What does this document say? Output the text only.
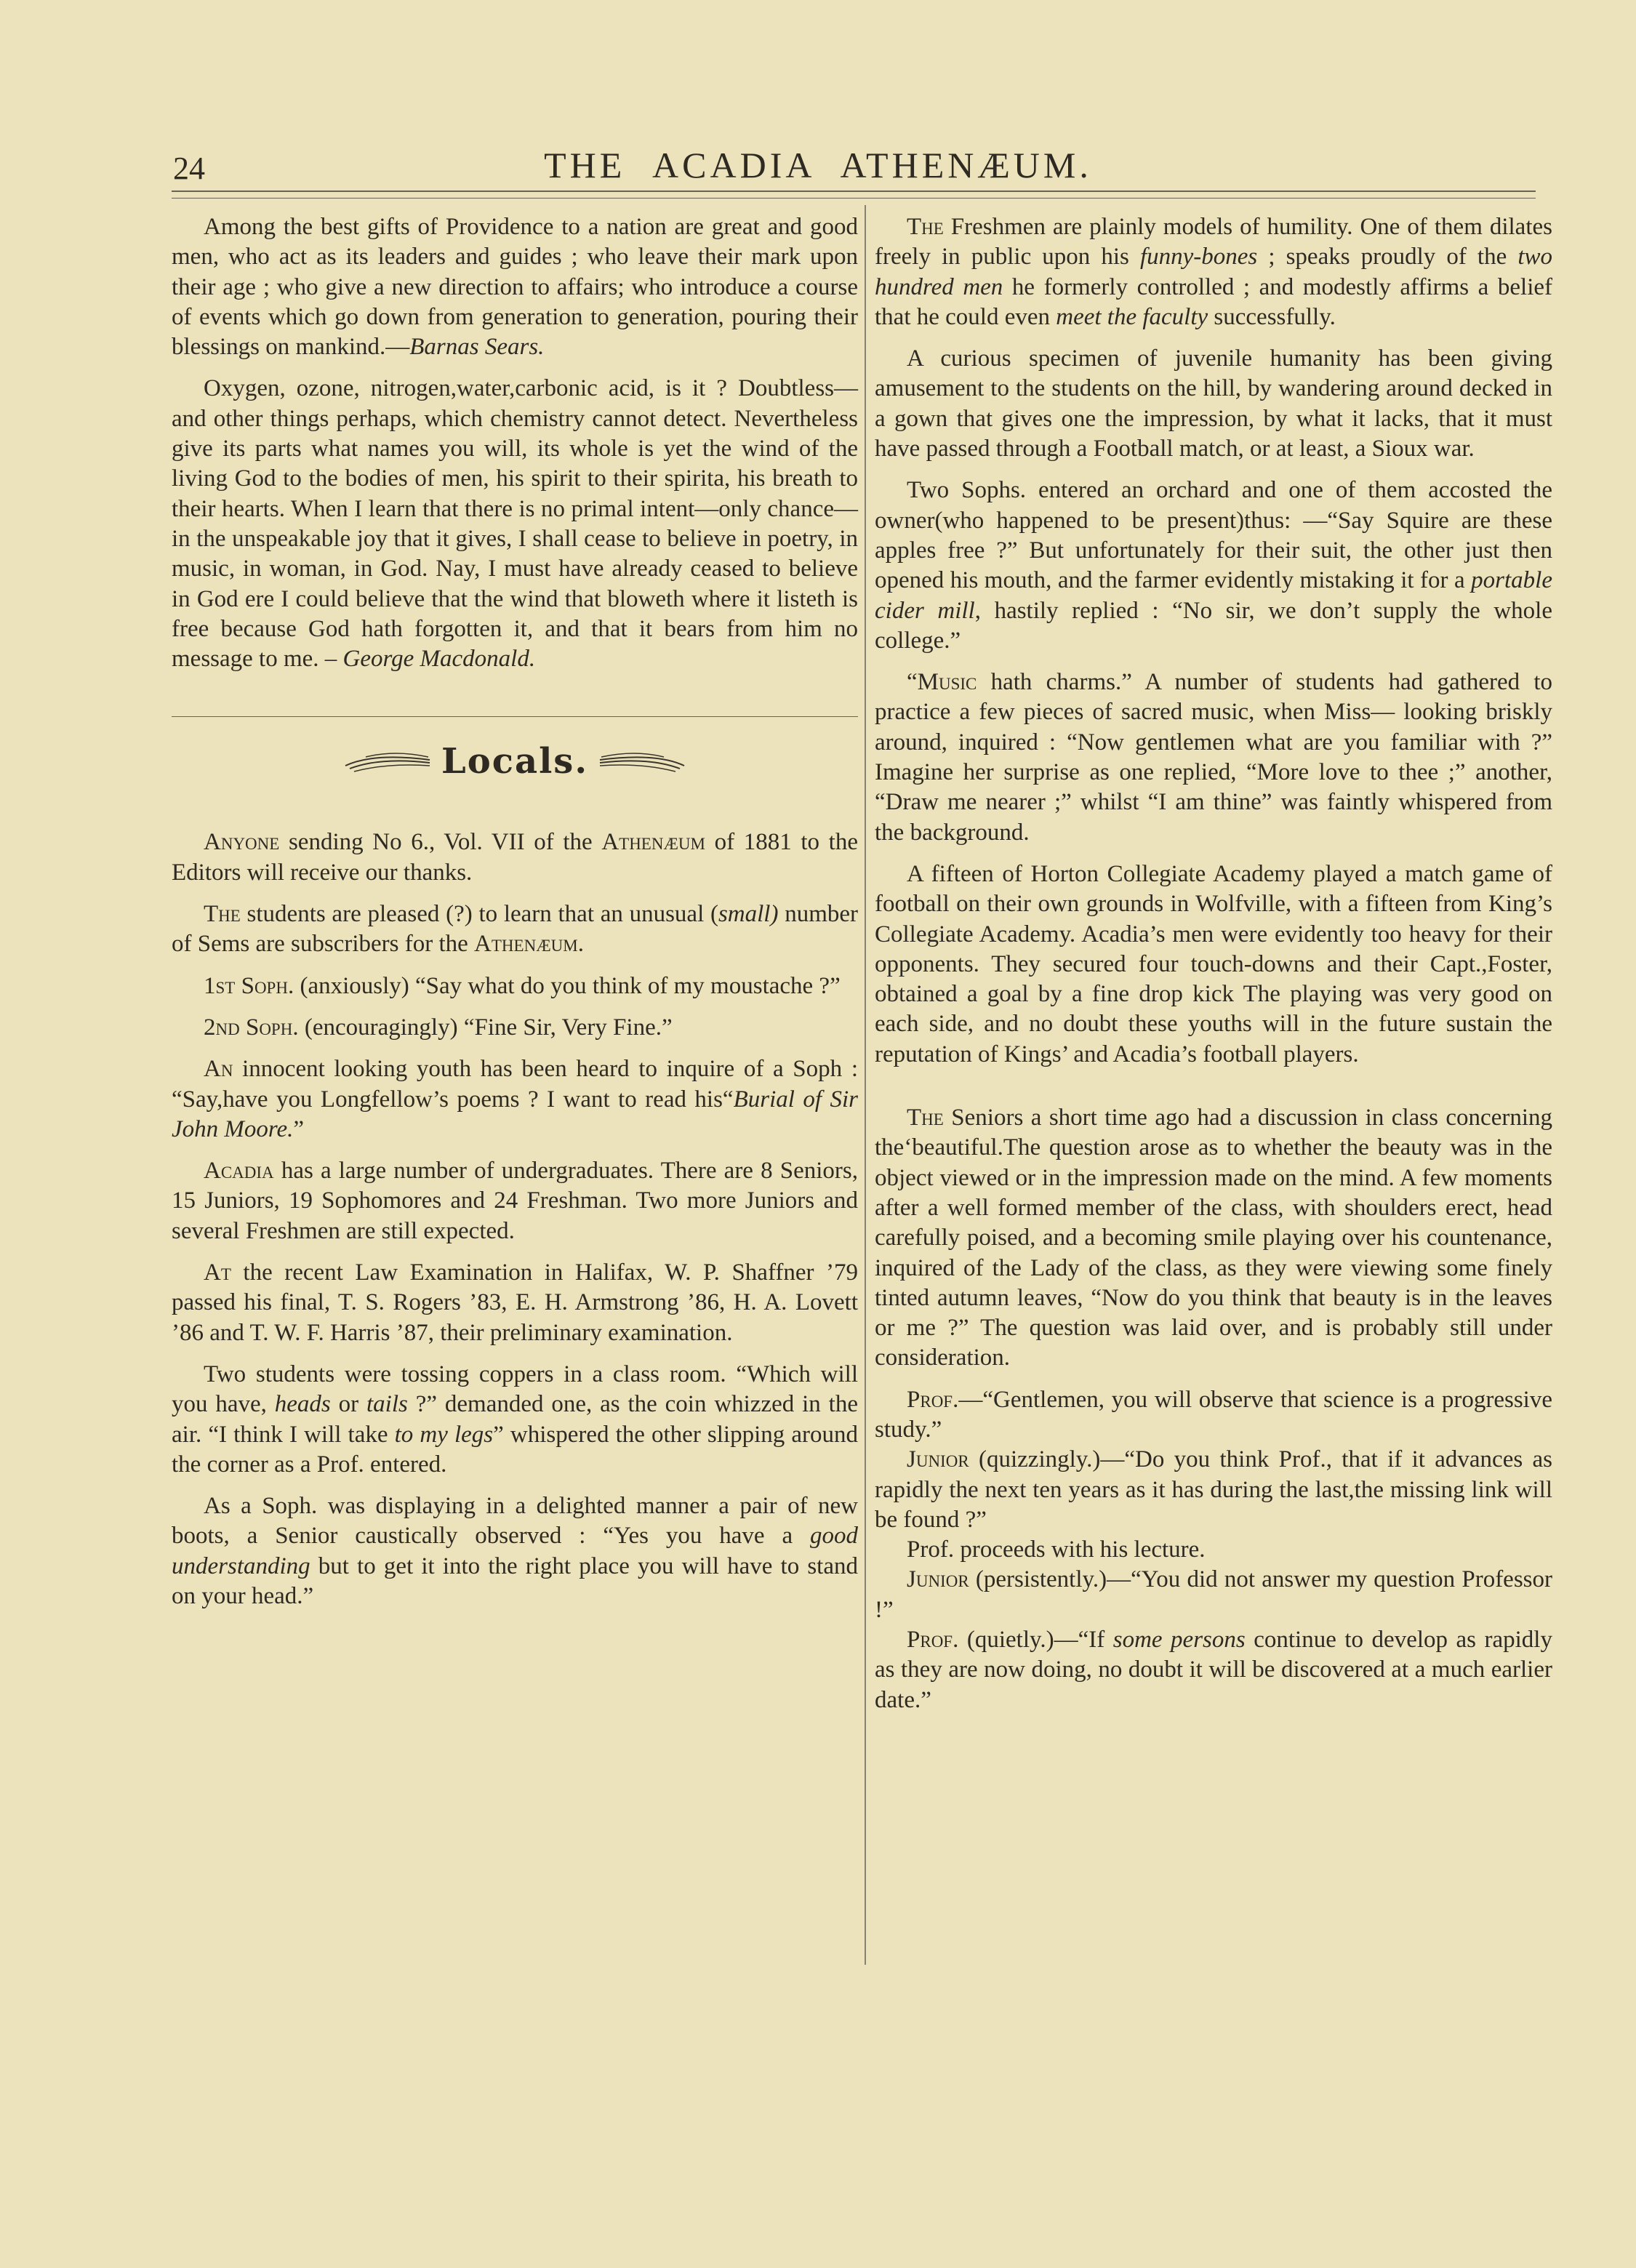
24	THE ACADIA ATHENÆUM.

Among the best gifts of Providence to a nation are great and good men, who act as its leaders and guides ; who leave their mark upon their age ; who give a new direction to affairs; who introduce a course of events which go down from generation to generation, pouring their blessings on mankind.—Barnas Sears.

Oxygen, ozone, nitrogen,water,carbonic acid, is it ? Doubtless—and other things perhaps, which chemistry cannot detect. Nevertheless give its parts what names you will, its whole is yet the wind of the living God to the bodies of men, his spirit to their spirita, his breath to their hearts. When I learn that there is no primal intent—only chance—in the unspeakable joy that it gives, I shall cease to believe in poetry, in music, in woman, in God. Nay, I must have already ceased to believe in God ere I could believe that the wind that bloweth where it listeth is free because God hath forgotten it, and that it bears from him no message to me. – George Macdonald.

Locals.

Anyone sending No 6., Vol. VII of the Athenæum of 1881 to the Editors will receive our thanks.

The students are pleased (?) to learn that an unusual (small) number of Sems are subscribers for the Athenæum.

1st Soph. (anxiously) “Say what do you think of my moustache ?”

2nd Soph. (encouragingly) “Fine Sir, Very Fine.”

An innocent looking youth has been heard to inquire of a Soph : “Say,have you Longfellow’s poems ? I want to read his“Burial of Sir John Moore.”

Acadia has a large number of undergraduates. There are 8 Seniors, 15 Juniors, 19 Sophomores and 24 Freshman. Two more Juniors and several Freshmen are still expected.

At the recent Law Examination in Halifax, W. P. Shaffner ’79 passed his final, T. S. Rogers ’83, E. H. Armstrong ’86, H. A. Lovett ’86 and T. W. F. Harris ’87, their preliminary examination.

Two students were tossing coppers in a class room. “Which will you have, heads or tails ?” demanded one, as the coin whizzed in the air. “I think I will take to my legs” whispered the other slipping around the corner as a Prof. entered.

As a Soph. was displaying in a delighted manner a pair of new boots, a Senior caustically observed : “Yes you have a good understanding but to get it into the right place you will have to stand on your head.”

The Freshmen are plainly models of humility. One of them dilates freely in public upon his funny-bones ; speaks proudly of the two hundred men he formerly controlled ; and modestly affirms a belief that he could even meet the faculty successfully.

A curious specimen of juvenile humanity has been giving amusement to the students on the hill, by wandering around decked in a gown that gives one the impression, by what it lacks, that it must have passed through a Football match, or at least, a Sioux war.

Two Sophs. entered an orchard and one of them accosted the owner(who happened to be present)thus: —“Say Squire are these apples free ?” But unfortunately for their suit, the other just then opened his mouth, and the farmer evidently mistaking it for a portable cider mill, hastily replied : “No sir, we don’t supply the whole college.”

“Music hath charms.” A number of students had gathered to practice a few pieces of sacred music, when Miss— looking briskly around, inquired : “Now gentlemen what are you familiar with ?” Imagine her surprise as one replied, “More love to thee ;” another, “Draw me nearer ;” whilst “I am thine” was faintly whispered from the background.

A fifteen of Horton Collegiate Academy played a match game of football on their own grounds in Wolfville, with a fifteen from King’s Collegiate Academy. Acadia’s men were evidently too heavy for their opponents. They secured four touch-downs and their Capt.,Foster, obtained a goal by a fine drop kick The playing was very good on each side, and no doubt these youths will in the future sustain the reputation of Kings’ and Acadia’s football players.

The Seniors a short time ago had a discussion in class concerning the‘beautiful.The question arose as to whether the beauty was in the object viewed or in the impression made on the mind. A few moments after a well formed member of the class, with shoulders erect, head carefully poised, and a becoming smile playing over his countenance, inquired of the Lady of the class, as they were viewing some finely tinted autumn leaves, “Now do you think that beauty is in the leaves or me ?” The question was laid over, and is probably still under consideration.

Prof.—“Gentlemen, you will observe that science is a progressive study.”

Junior (quizzingly.)—“Do you think Prof., that if it advances as rapidly the next ten years as it has during the last,the missing link will be found ?”

Prof. proceeds with his lecture.

Junior (persistently.)—“You did not answer my question Professor !”

Prof. (quietly.)—“If some persons continue to develop as rapidly as they are now doing, no doubt it will be discovered at a much earlier date.”
